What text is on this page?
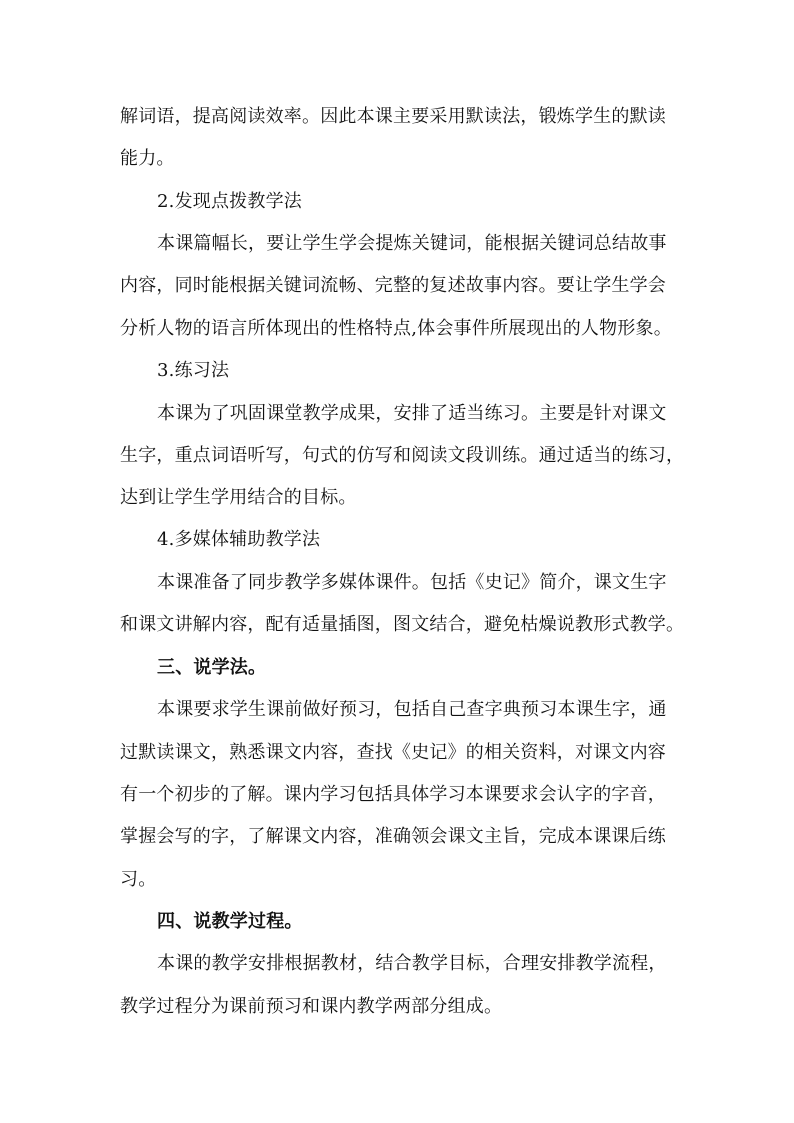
解词语，提高阅读效率。因此本课主要采用默读法，锻炼学生的默读
能力。
2.发现点拨教学法
本课篇幅长，要让学生学会提炼关键词，能根据关键词总结故事
内容，同时能根据关键词流畅、完整的复述故事内容。要让学生学会
分析人物的语言所体现出的性格特点,体会事件所展现出的人物形象。
3.练习法
本课为了巩固课堂教学成果，安排了适当练习。主要是针对课文
生字，重点词语听写，句式的仿写和阅读文段训练。通过适当的练习，
达到让学生学用结合的目标。
4.多媒体辅助教学法
本课准备了同步教学多媒体课件。包括《史记》简介，课文生字
和课文讲解内容，配有适量插图，图文结合，避免枯燥说教形式教学。
三、说学法。
本课要求学生课前做好预习，包括自己查字典预习本课生字，通
过默读课文，熟悉课文内容，查找《史记》的相关资料，对课文内容
有一个初步的了解。课内学习包括具体学习本课要求会认字的字音，
掌握会写的字，了解课文内容，准确领会课文主旨，完成本课课后练
习。
四、说教学过程。
本课的教学安排根据教材，结合教学目标，合理安排教学流程，
教学过程分为课前预习和课内教学两部分组成。
